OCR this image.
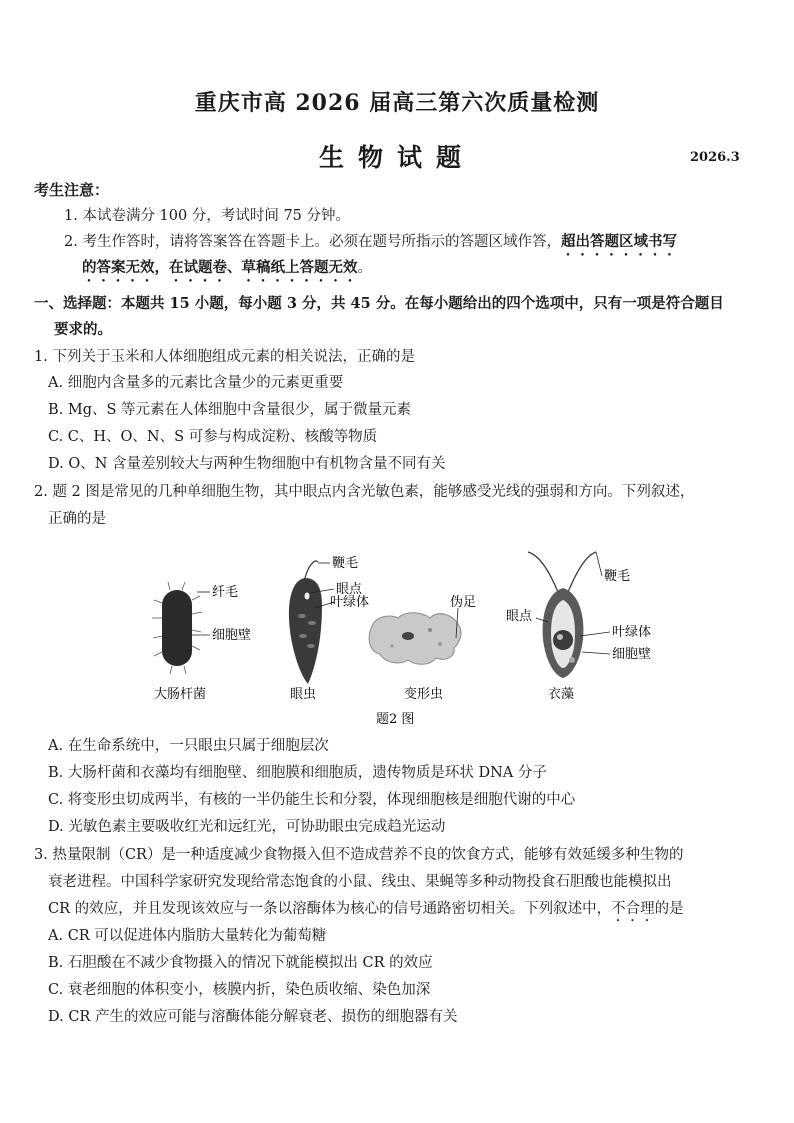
重庆市高 2026 届高三第六次质量检测
生物试题	2026.3
考生注意：
1. 本试卷满分 100 分，考试时间 75 分钟。
2. 考生作答时，请将答案答在答题卡上。必须在题号所指示的答题区域作答，超出答题区域书写
的答案无效，在试题卷、草稿纸上答题无效。
一、选择题：本题共 15 小题，每小题 3 分，共 45 分。在每小题给出的四个选项中，只有一项是符合题目
要求的。
1. 下列关于玉米和人体细胞组成元素的相关说法，正确的是
A. 细胞内含量多的元素比含量少的元素更重要
B. Mg、S 等元素在人体细胞中含量很少，属于微量元素
C. C、H、O、N、S 可参与构成淀粉、核酸等物质
D. O、N 含量差别较大与两种生物细胞中有机物含量不同有关
2. 题 2 图是常见的几种单细胞生物，其中眼点内含光敏色素，能够感受光线的强弱和方向。下列叙述，
正确的是
纤毛
细胞壁
大肠杆菌
鞭毛
眼点
叶绿体
眼虫
伪足
变形虫
眼点
鞭毛
叶绿体
细胞壁
衣藻
题2 图
A. 在生命系统中，一只眼虫只属于细胞层次
B. 大肠杆菌和衣藻均有细胞壁、细胞膜和细胞质，遗传物质是环状 DNA 分子
C. 将变形虫切成两半，有核的一半仍能生长和分裂，体现细胞核是细胞代谢的中心
D. 光敏色素主要吸收红光和远红光，可协助眼虫完成趋光运动
3. 热量限制（CR）是一种适度减少食物摄入但不造成营养不良的饮食方式，能够有效延缓多种生物的
衰老进程。中国科学家研究发现给常态饱食的小鼠、线虫、果蝇等多种动物投食石胆酸也能模拟出
CR 的效应，并且发现该效应与一条以溶酶体为核心的信号通路密切相关。下列叙述中，不合理的是
A. CR 可以促进体内脂肪大量转化为葡萄糖
B. 石胆酸在不减少食物摄入的情况下就能模拟出 CR 的效应
C. 衰老细胞的体积变小，核膜内折，染色质收缩、染色加深
D. CR 产生的效应可能与溶酶体能分解衰老、损伤的细胞器有关
